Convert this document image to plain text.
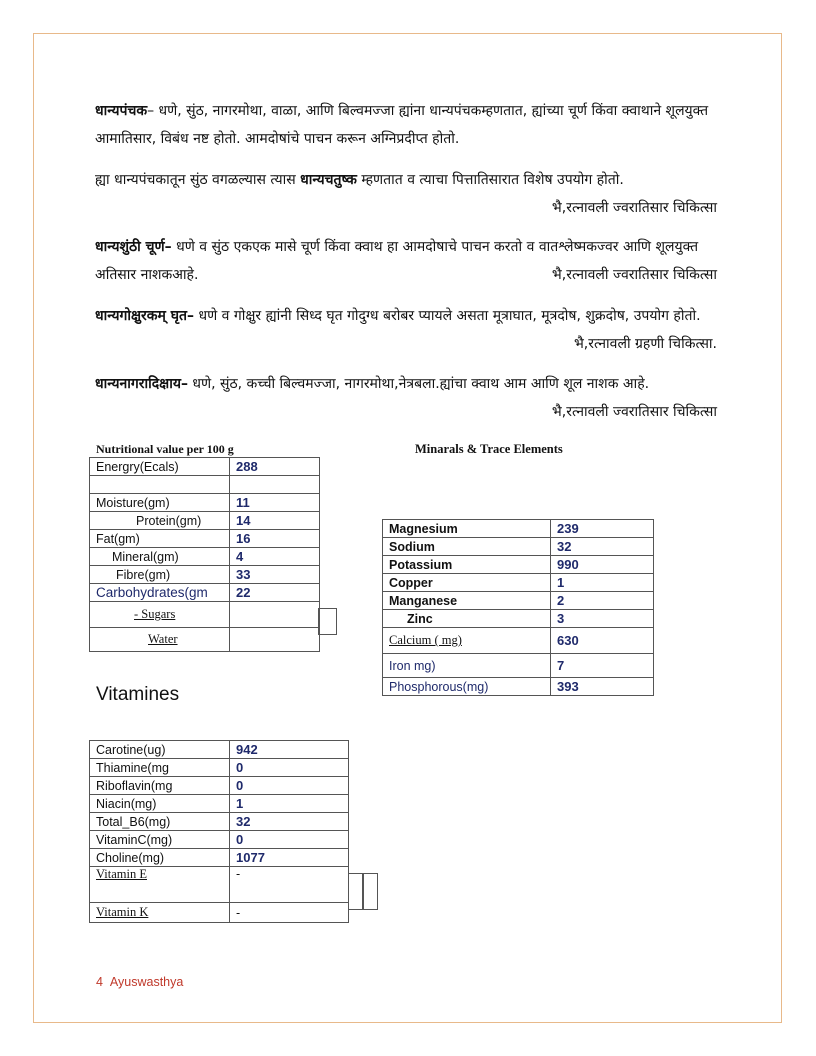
धान्यपंचक– धणे, सुंठ, नागरमोथा, वाळा, आणि बिल्वमज्जा ह्यांना धान्यपंचकम्हणतात, ह्यांच्या चूर्ण किंवा क्वाथाने शूलयुक्त आमातिसार, विबंध नष्ट होतो. आमदोषांचे पाचन करून अग्निप्रदीप्त होतो.
ह्या धान्यपंचकातून सुंठ वगळल्यास त्यास धान्यचतुष्क म्हणतात व त्याचा पित्तातिसारात विशेष उपयोग होतो.
भै,रत्नावली ज्वरातिसार चिकित्सा
धान्यशुंठी चूर्ण– धणे व सुंठ एकएक मासे चूर्ण किंवा क्वाथ हा आमदोषाचे पाचन करतो व वातश्लेष्मकज्वर आणि शूलयुक्त अतिसार नाशकआहे.	भै,रत्नावली ज्वरातिसार चिकित्सा
धान्यगोक्षुरकम् घृत– धणे व गोक्षुर ह्यांनी सिध्द घृत गोदुग्ध बरोबर प्यायले असता मूत्राघात, मूत्रदोष, शुक्रदोष, उपयोग होतो.
भै,रत्नावली ग्रहणी चिकित्सा.
धान्यनागरादिक्षाय– धणे, सुंठ, कच्ची बिल्वमज्जा, नागरमोथा,नेत्रबला.ह्यांचा क्वाथ आम आणि शूल नाशक आहे.
भै,रत्नावली ज्वरातिसार चिकित्सा
Nutritional value per 100 g
Energry(Ecals)	288

Moisture(gm)	11
Protein(gm)	14
Fat(gm)	16
Mineral(gm)	4
Fibre(gm)	33
Carbohydrates(gm	22
- Sugars	
Water	
Minarals & Trace Elements
Magnesium	239
Sodium	32
Potassium	990
Copper	1
Manganese	2
Zinc	3
Calcium ( mg)	630
Iron mg)	7
Phosphorous(mg)	393
Vitamines
Carotine(ug)	942
Thiamine(mg	0
Riboflavin(mg	0
Niacin(mg)	1
Total_B6(mg)	32
VitaminC(mg)	0
Choline(mg)	1077
Vitamin E	-
Vitamin K	-
4 Ayuswasthya
